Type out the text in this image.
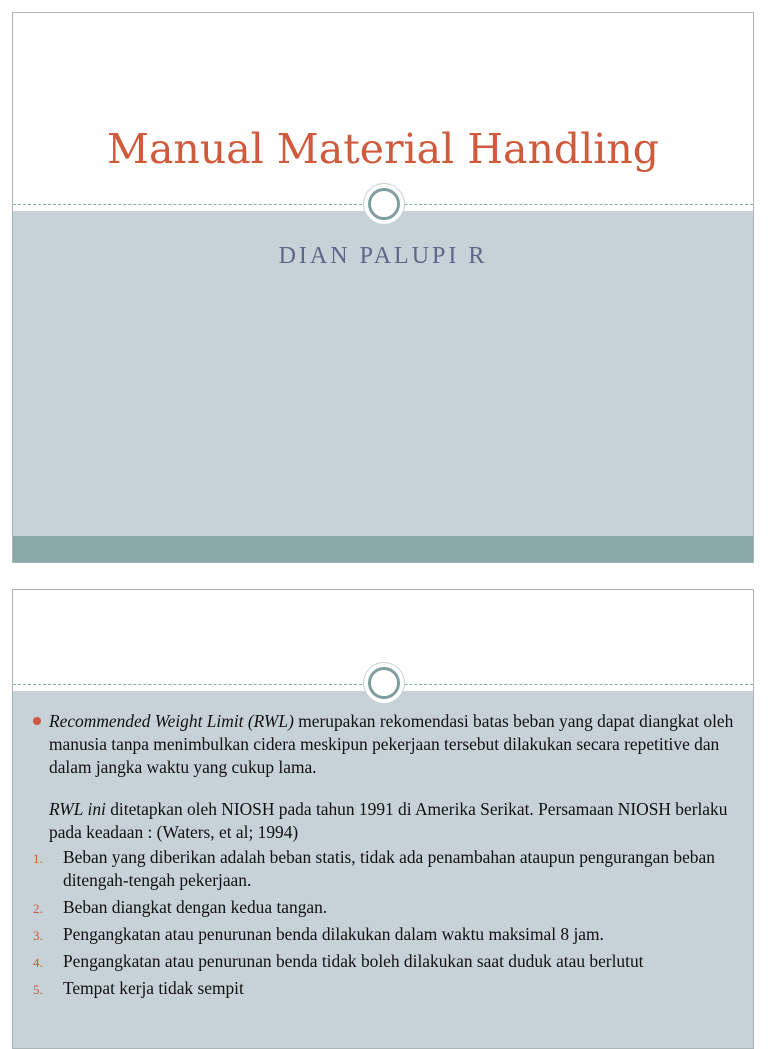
Manual Material Handling
DIAN PALUPI R

Recommended Weight Limit (RWL) merupakan rekomendasi batas beban yang dapat diangkat oleh manusia tanpa menimbulkan cidera meskipun pekerjaan tersebut dilakukan secara repetitive dan dalam jangka waktu yang cukup lama.

RWL ini ditetapkan oleh NIOSH pada tahun 1991 di Amerika Serikat. Persamaan NIOSH berlaku pada keadaan : (Waters, et al; 1994)

1. Beban yang diberikan adalah beban statis, tidak ada penambahan ataupun pengurangan beban ditengah-tengah pekerjaan.
2. Beban diangkat dengan kedua tangan.
3. Pengangkatan atau penurunan benda dilakukan dalam waktu maksimal 8 jam.
4. Pengangkatan atau penurunan benda tidak boleh dilakukan saat duduk atau berlutut
5. Tempat kerja tidak sempit
